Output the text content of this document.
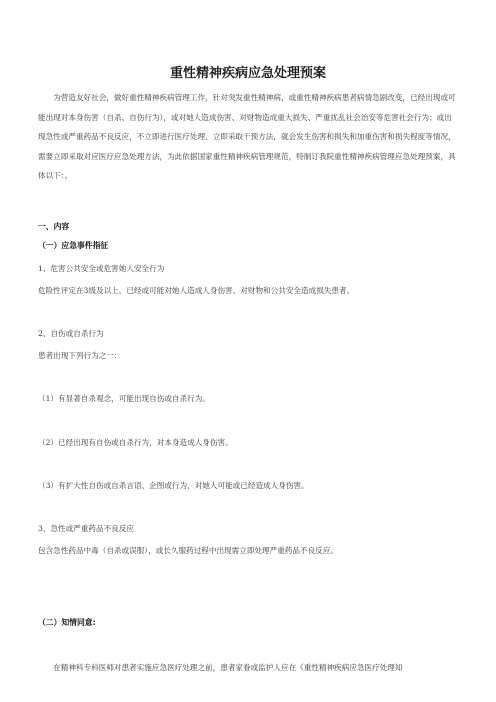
重性精神疾病应急处理预案

为营造友好社会，做好重性精神疾病管理工作，针对突发重性精神病，或重性精神疾病患者病情急剧改变，已经出现或可能出现对本身伤害（自杀、自伤行为），或对她人造成伤害、对财物造成重大损失、严重扰乱社会治安等危害社会行为；或出现急性或严重药品不良反应，不立即进行医疗处理、立即采取干预方法，就会发生伤害和损失和加重伤害和损失程度等情况，需要立即采取对应医疗应急处理方法，为此依据国家重性精神疾病管理规范，特制订我院重性精神疾病管理应急处理预案，具体以下：。

一、内容

（一）应急事件指征

1、危害公共安全或危害她人安全行为

危险性评定在3级及以上，已经或可能对她人造成人身伤害、对财物和公共安全造成损失患者。

2、自伤或自杀行为

患者出现下列行为之一：

（1）有显著自杀观念，可能出现自伤或自杀行为。

（2）已经出现有自伤或自杀行为，对本身造成人身伤害。

（3）有扩大性自伤或自杀言语、企图或行为，对她人可能或已经造成人身伤害。

3、急性或严重药品不良反应

包含急性药品中毒（自杀或误服），或长久服药过程中出现需立即处理严重药品不良反应。

（二）知情同意:

在精神科专科医师对患者实施应急医疗处理之前，患者家眷或监护人应在《重性精神疾病应急医疗处理知
